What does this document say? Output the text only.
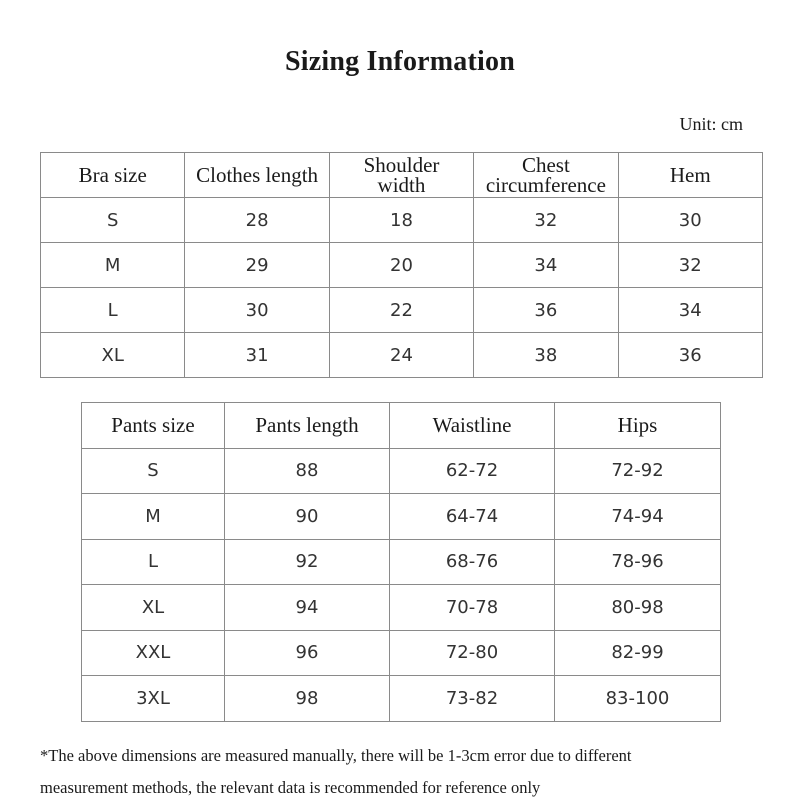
Sizing Information
Unit: cm
Bra size	Clothes length	Shoulder width	Chest circumference	Hem
S	28	18	32	30
M	29	20	34	32
L	30	22	36	34
XL	31	24	38	36
Pants size	Pants length	Waistline	Hips
S	88	62-72	72-92
M	90	64-74	74-94
L	92	68-76	78-96
XL	94	70-78	80-98
XXL	96	72-80	82-99
3XL	98	73-82	83-100
*The above dimensions are measured manually, there will be 1-3cm error due to different
measurement methods, the relevant data is recommended for reference only
